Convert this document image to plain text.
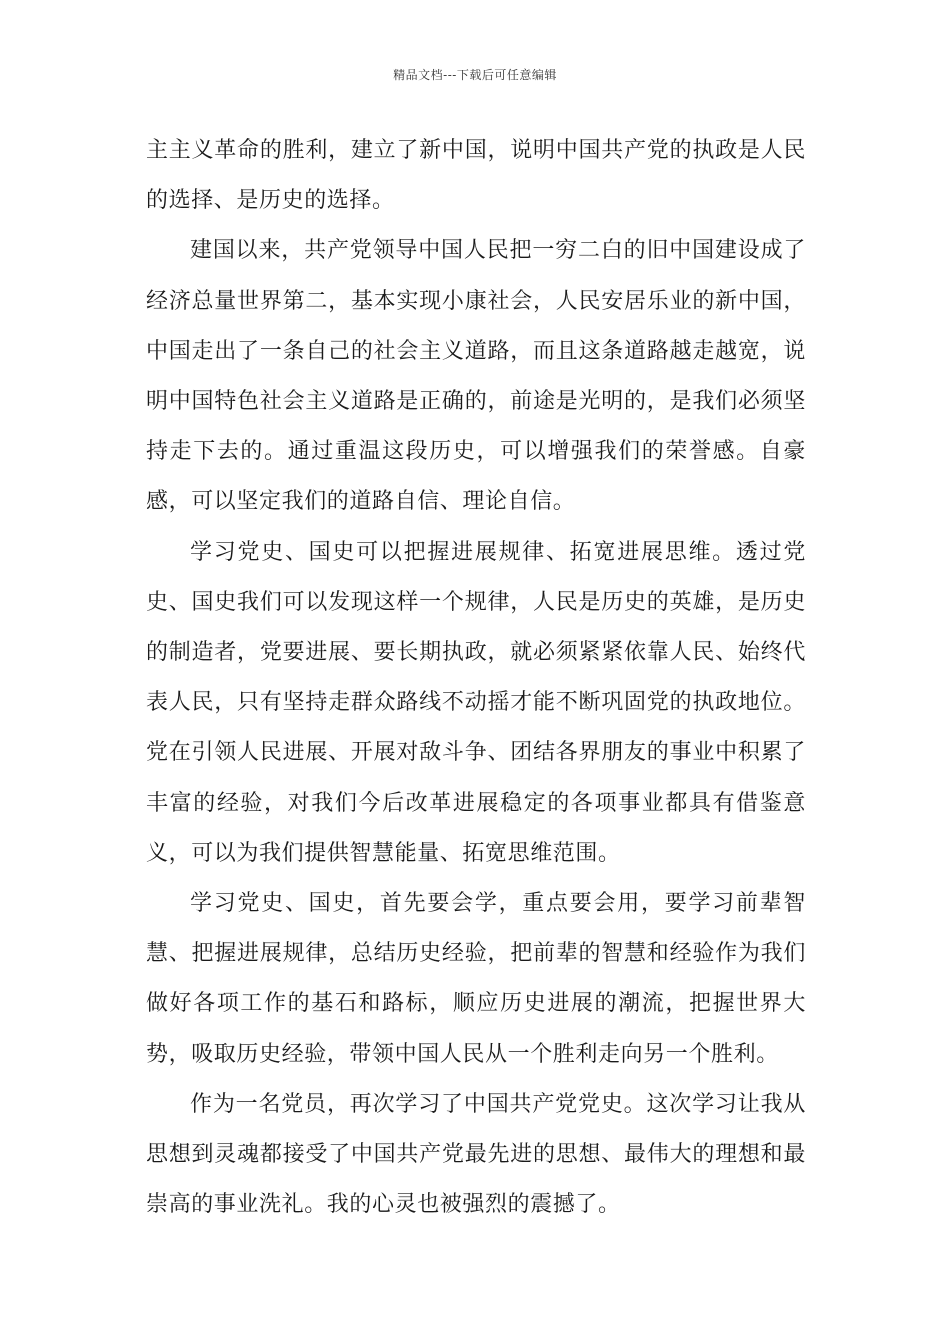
精品文档---下载后可任意编辑

主主义革命的胜利，建立了新中国，说明中国共产党的执政是人民的选择、是历史的选择。

建国以来，共产党领导中国人民把一穷二白的旧中国建设成了经济总量世界第二，基本实现小康社会，人民安居乐业的新中国，中国走出了一条自己的社会主义道路，而且这条道路越走越宽，说明中国特色社会主义道路是正确的，前途是光明的，是我们必须坚持走下去的。通过重温这段历史，可以增强我们的荣誉感。自豪感，可以坚定我们的道路自信、理论自信。

学习党史、国史可以把握进展规律、拓宽进展思维。透过党史、国史我们可以发现这样一个规律，人民是历史的英雄，是历史的制造者，党要进展、要长期执政，就必须紧紧依靠人民、始终代表人民，只有坚持走群众路线不动摇才能不断巩固党的执政地位。党在引领人民进展、开展对敌斗争、团结各界朋友的事业中积累了丰富的经验，对我们今后改革进展稳定的各项事业都具有借鉴意义，可以为我们提供智慧能量、拓宽思维范围。

学习党史、国史，首先要会学，重点要会用，要学习前辈智慧、把握进展规律，总结历史经验，把前辈的智慧和经验作为我们做好各项工作的基石和路标，顺应历史进展的潮流，把握世界大势，吸取历史经验，带领中国人民从一个胜利走向另一个胜利。

作为一名党员，再次学习了中国共产党党史。这次学习让我从思想到灵魂都接受了中国共产党最先进的思想、最伟大的理想和最崇高的事业洗礼。我的心灵也被强烈的震撼了。
